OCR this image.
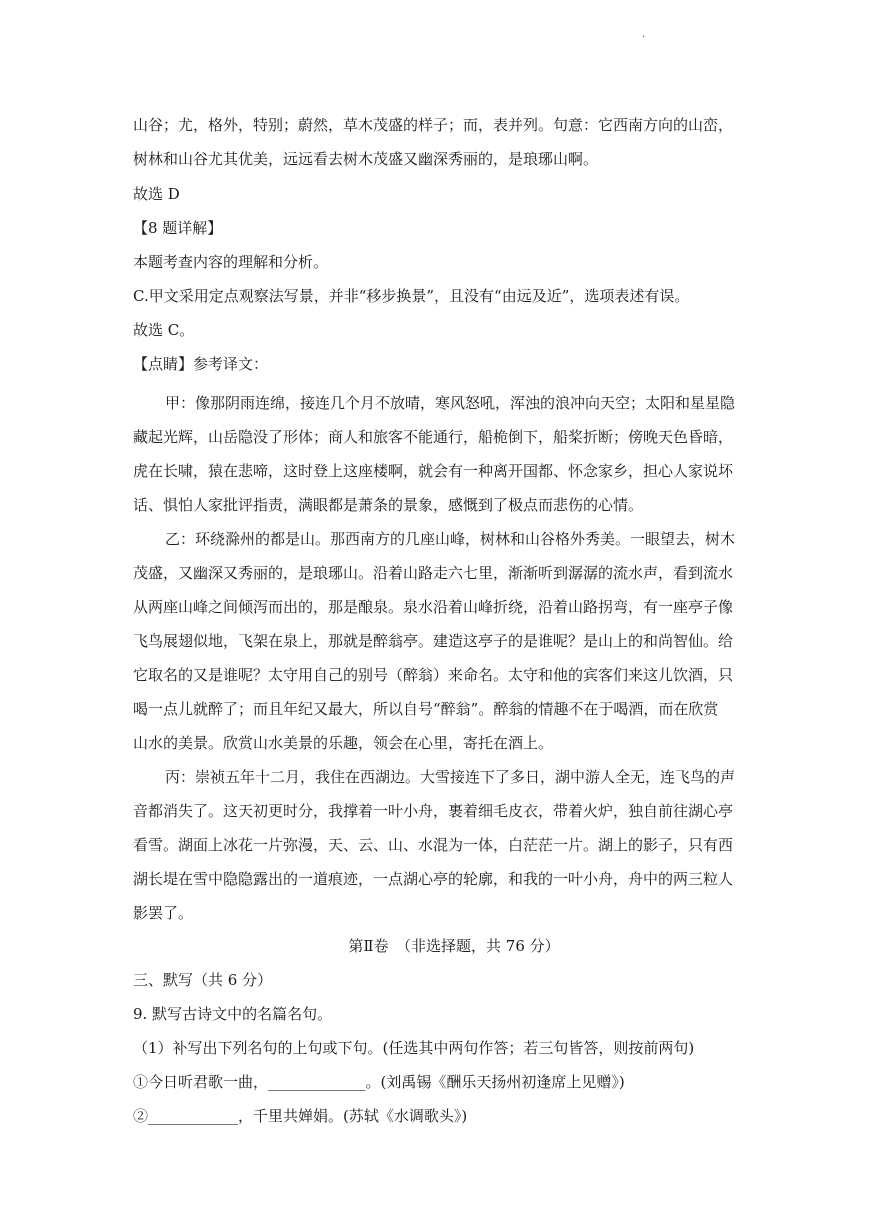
.
山谷；尤，格外，特别；蔚然，草木茂盛的样子；而，表并列。句意：它西南方向的山峦，
树林和山谷尤其优美，远远看去树木茂盛又幽深秀丽的，是琅琊山啊。
故选 D
【8 题详解】
本题考查内容的理解和分析。
C.甲文采用定点观察法写景，并非“移步换景”，且没有“由远及近”，选项表述有误。
故选 C。
【点睛】参考译文：
甲：像那阴雨连绵，接连几个月不放晴，寒风怒吼，浑浊的浪冲向天空；太阳和星星隐
藏起光辉，山岳隐没了形体；商人和旅客不能通行，船桅倒下，船桨折断；傍晚天色昏暗，
虎在长啸，猿在悲啼，这时登上这座楼啊，就会有一种离开国都、怀念家乡，担心人家说坏
话、惧怕人家批评指责，满眼都是萧条的景象，感慨到了极点而悲伤的心情。
乙：环绕滁州的都是山。那西南方的几座山峰，树林和山谷格外秀美。一眼望去，树木
茂盛，又幽深又秀丽的，是琅琊山。沿着山路走六七里，渐渐听到潺潺的流水声，看到流水
从两座山峰之间倾泻而出的，那是酿泉。泉水沿着山峰折绕，沿着山路拐弯，有一座亭子像
飞鸟展翅似地，飞架在泉上，那就是醉翁亭。建造这亭子的是谁呢？是山上的和尚智仙。给
它取名的又是谁呢？太守用自己的别号（醉翁）来命名。太守和他的宾客们来这儿饮酒，只
喝一点儿就醉了；而且年纪又最大，所以自号“醉翁”。醉翁的情趣不在于喝酒，而在欣赏
山水的美景。欣赏山水美景的乐趣，领会在心里，寄托在酒上。
丙：崇祯五年十二月，我住在西湖边。大雪接连下了多日，湖中游人全无，连飞鸟的声
音都消失了。这天初更时分，我撑着一叶小舟，裹着细毛皮衣，带着火炉，独自前往湖心亭
看雪。湖面上冰花一片弥漫，天、云、山、水混为一体，白茫茫一片。湖上的影子，只有西
湖长堤在雪中隐隐露出的一道痕迹，一点湖心亭的轮廓，和我的一叶小舟，舟中的两三粒人
影罢了。
第Ⅱ卷　（非选择题，共 76 分）
三、默写（共 6 分）
9. 默写古诗文中的名篇名句。
（1）补写出下列名句的上句或下句。(任选其中两句作答；若三句皆答，则按前两句)
①今日听君歌一曲，_____________。(刘禹锡《酬乐天扬州初逢席上见赠》)
②____________，千里共婵娟。(苏轼《水调歌头》)
